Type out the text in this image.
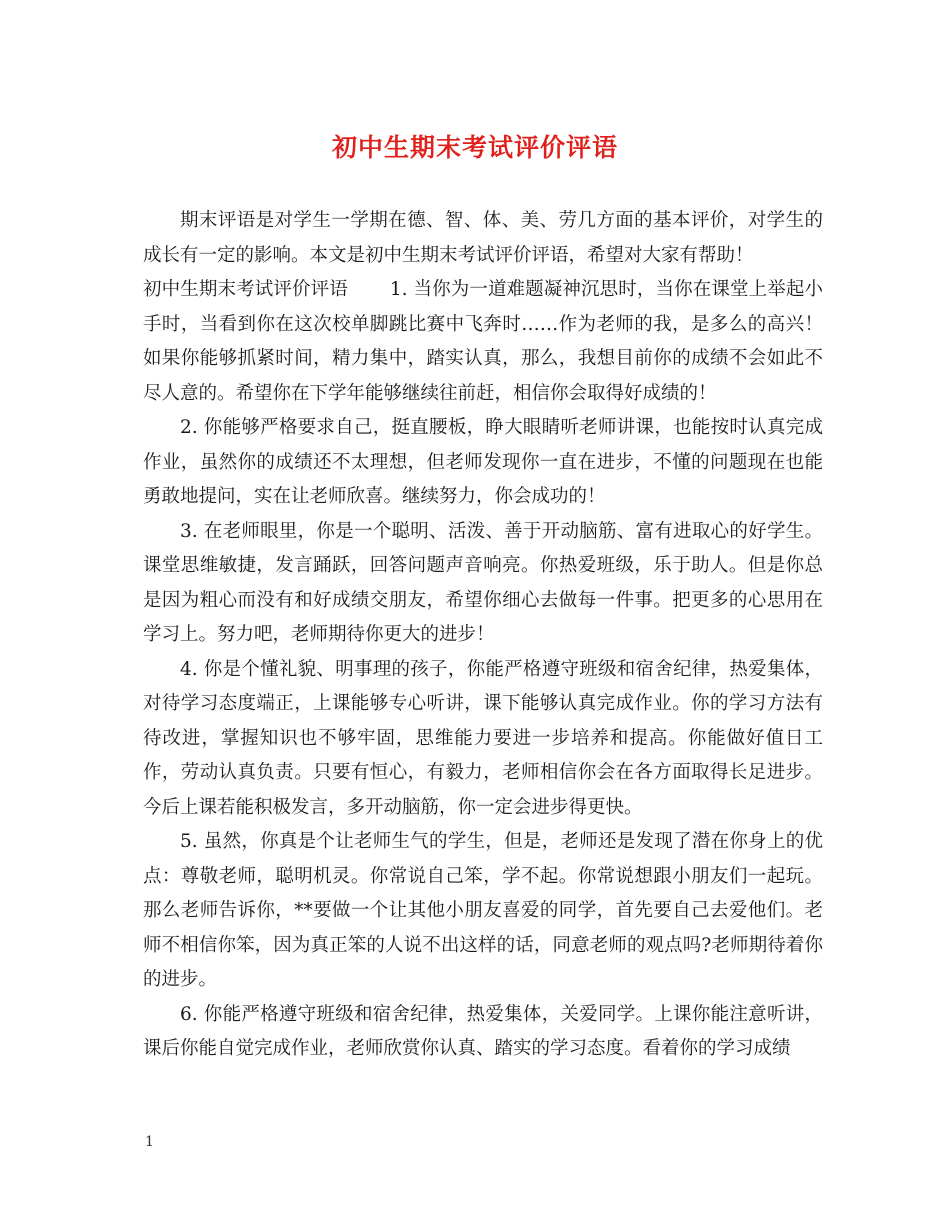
初中生期末考试评价评语

期末评语是对学生一学期在德、智、体、美、劳几方面的基本评价，对学生的成长有一定的影响。本文是初中生期末考试评价评语，希望对大家有帮助！

初中生期末考试评价评语 1. 当你为一道难题凝神沉思时，当你在课堂上举起小手时，当看到你在这次校单脚跳比赛中飞奔时……作为老师的我，是多么的高兴！如果你能够抓紧时间，精力集中，踏实认真，那么，我想目前你的成绩不会如此不尽人意的。希望你在下学年能够继续往前赶，相信你会取得好成绩的！

2. 你能够严格要求自己，挺直腰板，睁大眼睛听老师讲课，也能按时认真完成作业，虽然你的成绩还不太理想，但老师发现你一直在进步，不懂的问题现在也能勇敢地提问，实在让老师欣喜。继续努力，你会成功的！

3. 在老师眼里，你是一个聪明、活泼、善于开动脑筋、富有进取心的好学生。课堂思维敏捷，发言踊跃，回答问题声音响亮。你热爱班级，乐于助人。但是你总是因为粗心而没有和好成绩交朋友，希望你细心去做每一件事。把更多的心思用在学习上。努力吧，老师期待你更大的进步！

4. 你是个懂礼貌、明事理的孩子，你能严格遵守班级和宿舍纪律，热爱集体，对待学习态度端正，上课能够专心听讲，课下能够认真完成作业。你的学习方法有待改进，掌握知识也不够牢固，思维能力要进一步培养和提高。你能做好值日工作，劳动认真负责。只要有恒心，有毅力，老师相信你会在各方面取得长足进步。今后上课若能积极发言，多开动脑筋，你一定会进步得更快。

5. 虽然，你真是个让老师生气的学生，但是，老师还是发现了潜在你身上的优点：尊敬老师，聪明机灵。你常说自己笨，学不起。你常说想跟小朋友们一起玩。那么老师告诉你，**要做一个让其他小朋友喜爱的同学，首先要自己去爱他们。老师不相信你笨，因为真正笨的人说不出这样的话，同意老师的观点吗?老师期待着你的进步。

6. 你能严格遵守班级和宿舍纪律，热爱集体，关爱同学。上课你能注意听讲，课后你能自觉完成作业，老师欣赏你认真、踏实的学习态度。看着你的学习成绩

1
